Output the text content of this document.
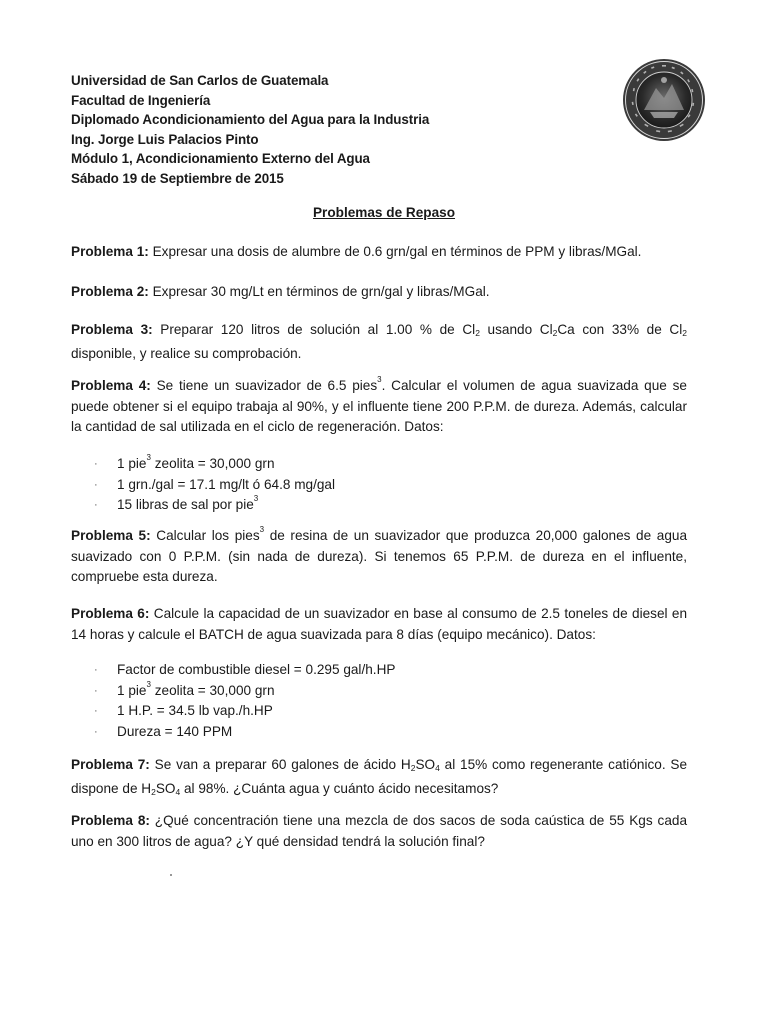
Universidad de San Carlos de Guatemala
Facultad de Ingeniería
Diplomado Acondicionamiento del Agua para la Industria
Ing. Jorge Luis Palacios Pinto
Módulo 1, Acondicionamiento Externo del Agua
Sábado 19 de Septiembre de 2015
Problemas de Repaso
Problema 1: Expresar una dosis de alumbre de 0.6 grn/gal en términos de PPM y libras/MGal.
Problema 2: Expresar 30 mg/Lt en términos de grn/gal y libras/MGal.
Problema 3: Preparar 120 litros de solución al 1.00 % de $Cl_2$ usando $Cl_2Ca$ con 33% de $Cl_2$ disponible, y realice su comprobación.
Problema 4: Se tiene un suavizador de 6.5 pies$^3$. Calcular el volumen de agua suavizada que se puede obtener si el equipo trabaja al 90%, y el influente tiene 200 P.P.M. de dureza. Además, calcular la cantidad de sal utilizada en el ciclo de regeneración. Datos:
·	1 pie$^3$ zeolita = 30,000 grn
·	1 grn./gal = 17.1 mg/lt ó 64.8 mg/gal
·	15 libras de sal por pie$^3$
Problema 5: Calcular los pies$^3$ de resina de un suavizador que produzca 20,000 galones de agua suavizado con 0 P.P.M. (sin nada de dureza). Si tenemos 65 P.P.M. de dureza en el influente, compruebe esta dureza.
Problema 6: Calcule la capacidad de un suavizador en base al consumo de 2.5 toneles de diesel en 14 horas y calcule el BATCH de agua suavizada para 8 días (equipo mecánico). Datos:
·	Factor de combustible diesel = 0.295 gal/h.HP
·	1 pie$^3$ zeolita = 30,000 grn
·	1 H.P. = 34.5 lb vap./h.HP
·	Dureza = 140 PPM
Problema 7: Se van a preparar 60 galones de ácido $H_2SO_4$ al 15% como regenerante catiónico. Se dispone de $H_2SO_4$ al 98%. ¿Cuánta agua y cuánto ácido necesitamos?
Problema 8: ¿Qué concentración tiene una mezcla de dos sacos de soda caústica de 55 Kgs cada uno en 300 litros de agua? ¿Y qué densidad tendrá la solución final?
